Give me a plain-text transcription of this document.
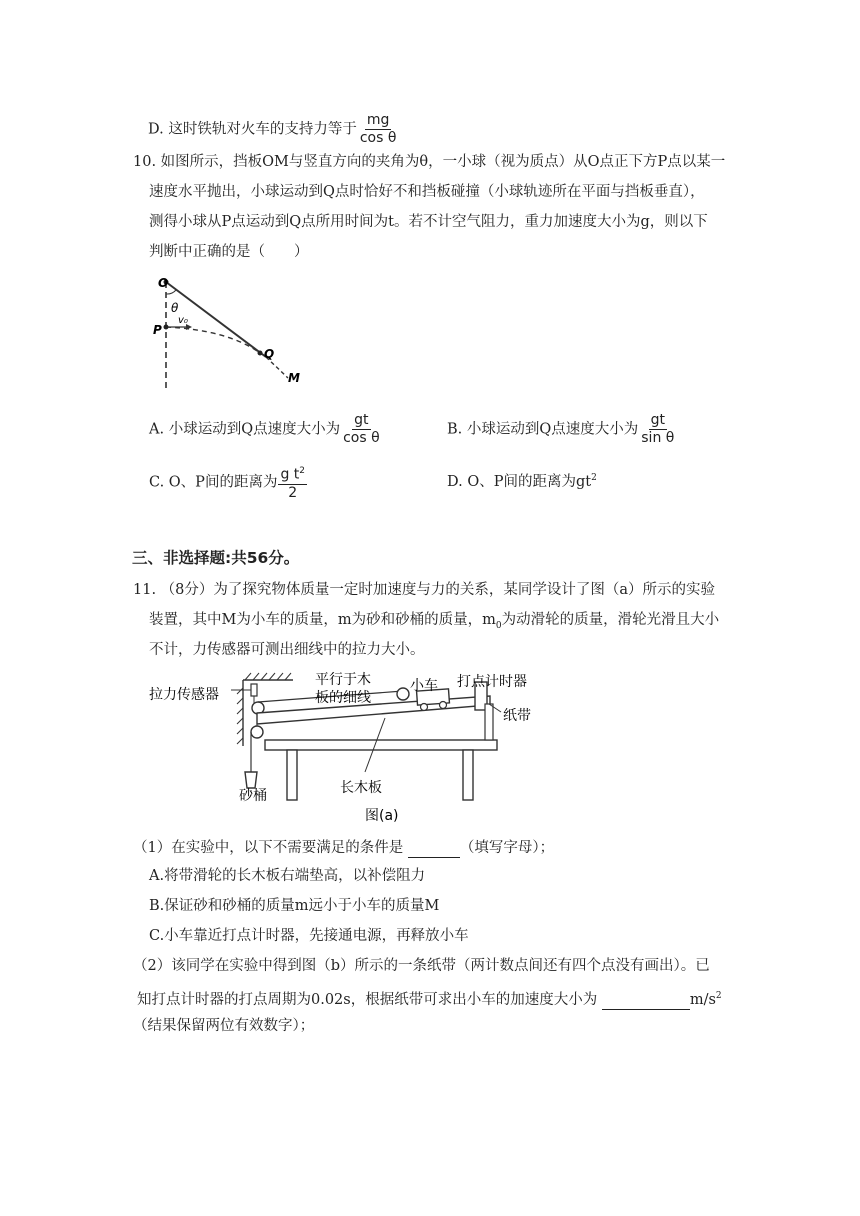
D. 这时铁轨对火车的支持力等于 $\frac{mg}{\text{cos θ}}$
10. 如图所示，挡板OM与竖直方向的夹角为θ，一小球（视为质点）从O点正下方P点以某一
速度水平抛出，小球运动到Q点时恰好不和挡板碰撞（小球轨迹所在平面与挡板垂直），
测得小球从P点运动到Q点所用时间为t。若不计空气阻力，重力加速度大小为g，则以下
判断中正确的是（　　）
O
θ
P
v₀
Q
M
A. 小球运动到Q点速度大小为 $\frac{gt}{\text{cos θ}}$	B. 小球运动到Q点速度大小为 $\frac{gt}{\text{sin θ}}$
C. O、P间的距离为 $\frac{g t^2}{2}$	D. O、P间的距离为$gt^2$
三、非选择题:共56分。
11. （8分）为了探究物体质量一定时加速度与力的关系，某同学设计了图（a）所示的实验
装置，其中M为小车的质量，m为砂和砂桶的质量，$m_0$为动滑轮的质量，滑轮光滑且大小
不计，力传感器可测出细线中的拉力大小。
拉力传感器
平行于木
板的细线
小车 打点计时器
纸带
砂桶	长木板
图(a)
（1）在实验中，以下不需要满足的条件是	（填写字母）；
A.将带滑轮的长木板右端垫高，以补偿阻力
B.保证砂和砂桶的质量m远小于小车的质量M
C.小车靠近打点计时器，先接通电源，再释放小车
（2）该同学在实验中得到图（b）所示的一条纸带（两计数点间还有四个点没有画出）。已
知打点计时器的打点周期为0.02s，根据纸带可求出小车的加速度大小为	$m/s^2$
（结果保留两位有效数字）；
